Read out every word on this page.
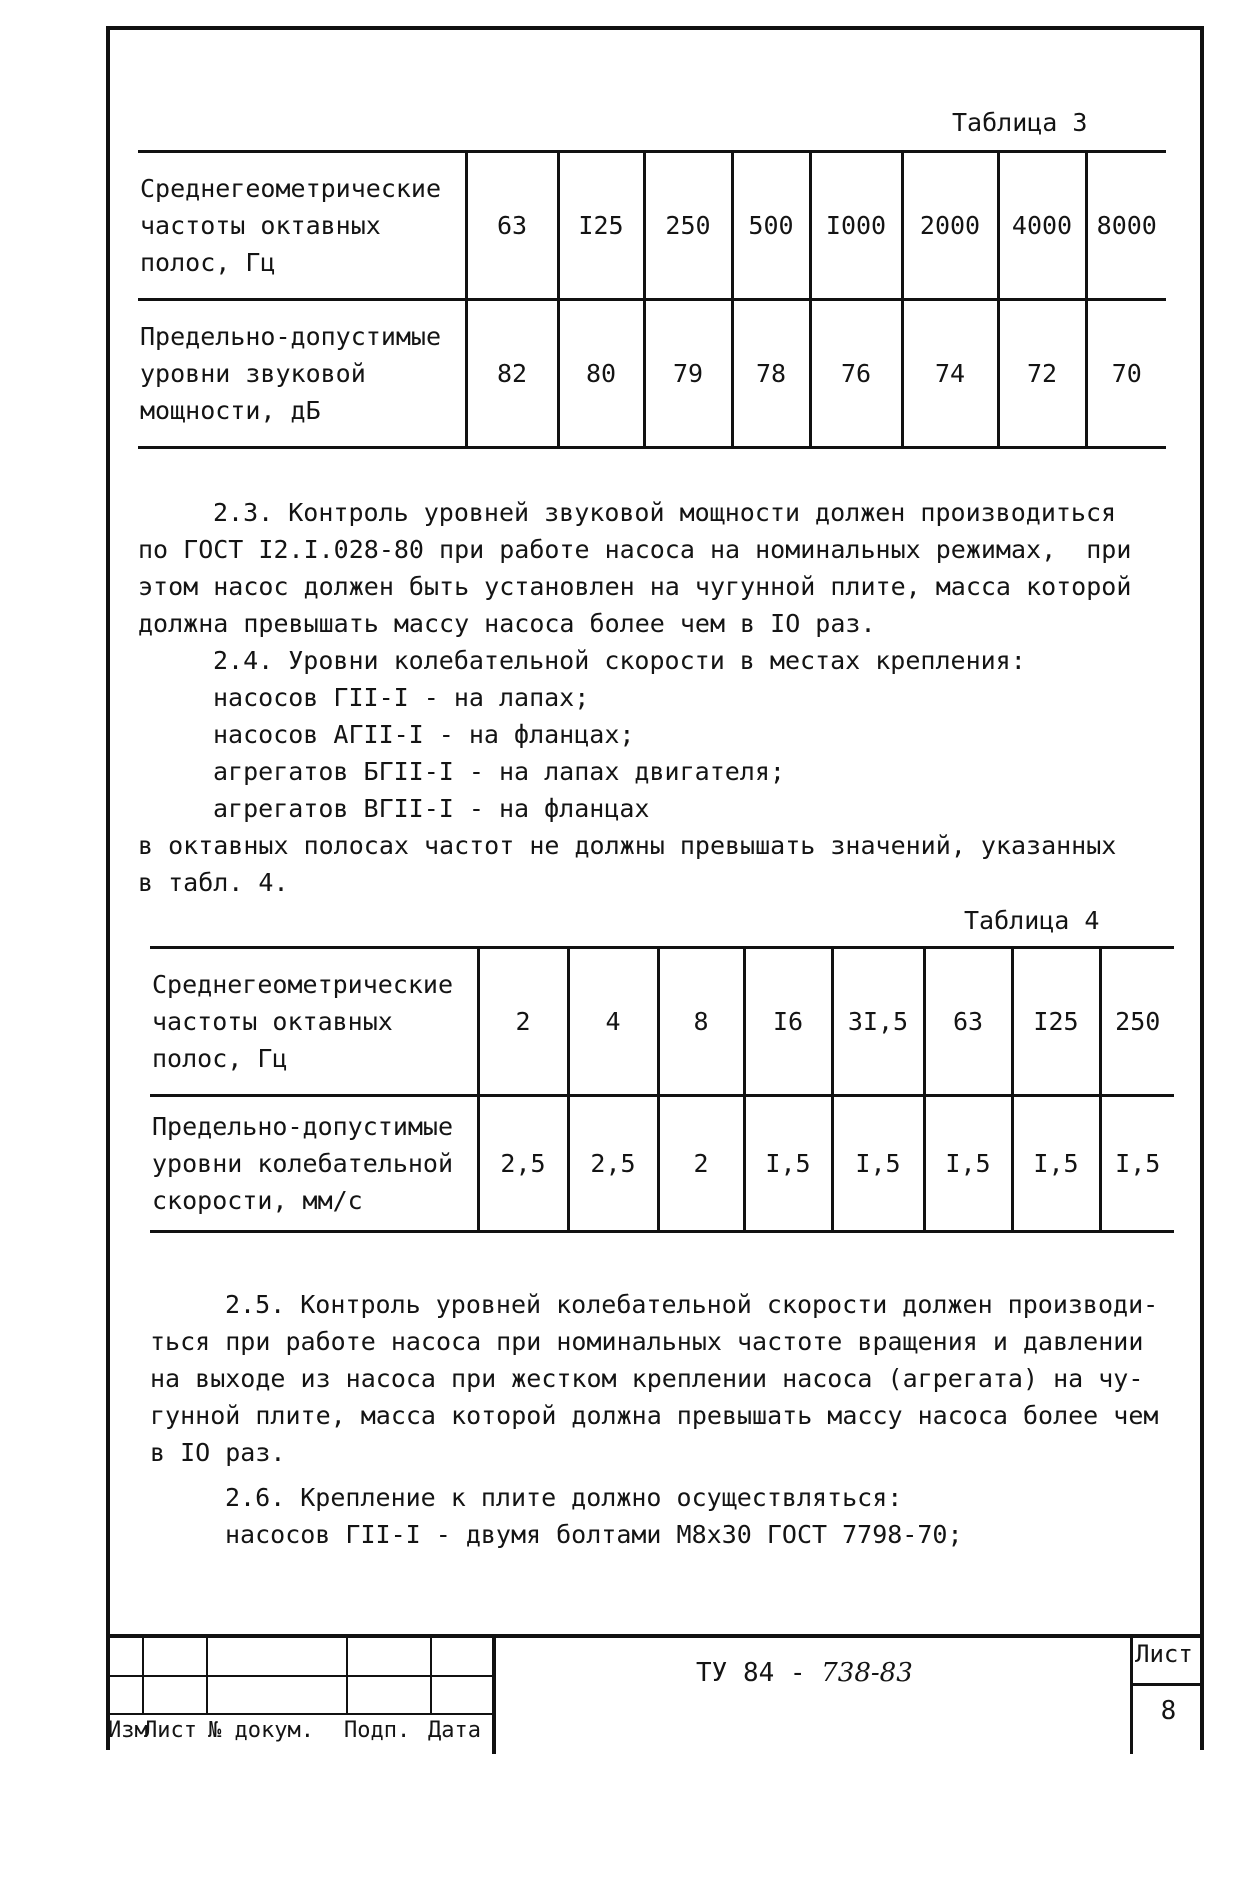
Таблица 3
Среднегеометрические
частоты октавных
полос, Гц	63	I25	250	500	I000	2000	4000	8000

Предельно-допустимые
уровни звуковой
мощности, дБ	82	80	79	78	76	74	72	70

2.3. Контроль уровней звуковой мощности должен производиться

по ГОСТ I2.I.028-80 при работе насоса на номинальных режимах,  при

этом насос должен быть установлен на чугунной плите, масса которой

должна превышать массу насоса более чем в IO раз.

2.4. Уровни колебательной скорости в местах крепления:

насосов ГII-I - на лапах;

насосов АГII-I - на фланцах;

агрегатов БГII-I - на лапах двигателя;

агрегатов ВГII-I - на фланцах

в октавных полосах частот не должны превышать значений, указанных

в табл. 4.

Таблица 4
Среднегеометрические
частоты октавных
полос, Гц	2	4	8	I6	3I,5	63	I25	250

Предельно-допустимые
уровни колебательной
скорости, мм/с	2,5	2,5	2	I,5	I,5	I,5	I,5	I,5

2.5. Контроль уровней колебательной скорости должен производи-

ться при работе насоса при номинальных частоте вращения и давлении

на выходе из насоса при жестком креплении насоса (агрегата) на чу-

гунной плите, масса которой должна превышать массу насоса более чем

в IO раз.

2.6. Крепление к плите должно осуществляться:

насосов ГII-I - двумя болтами М8х30 ГОСТ 7798-70;

Изм

Лист

№ докум.

Подп.

Дата

ТУ 84 - 738-83
Лист
8
